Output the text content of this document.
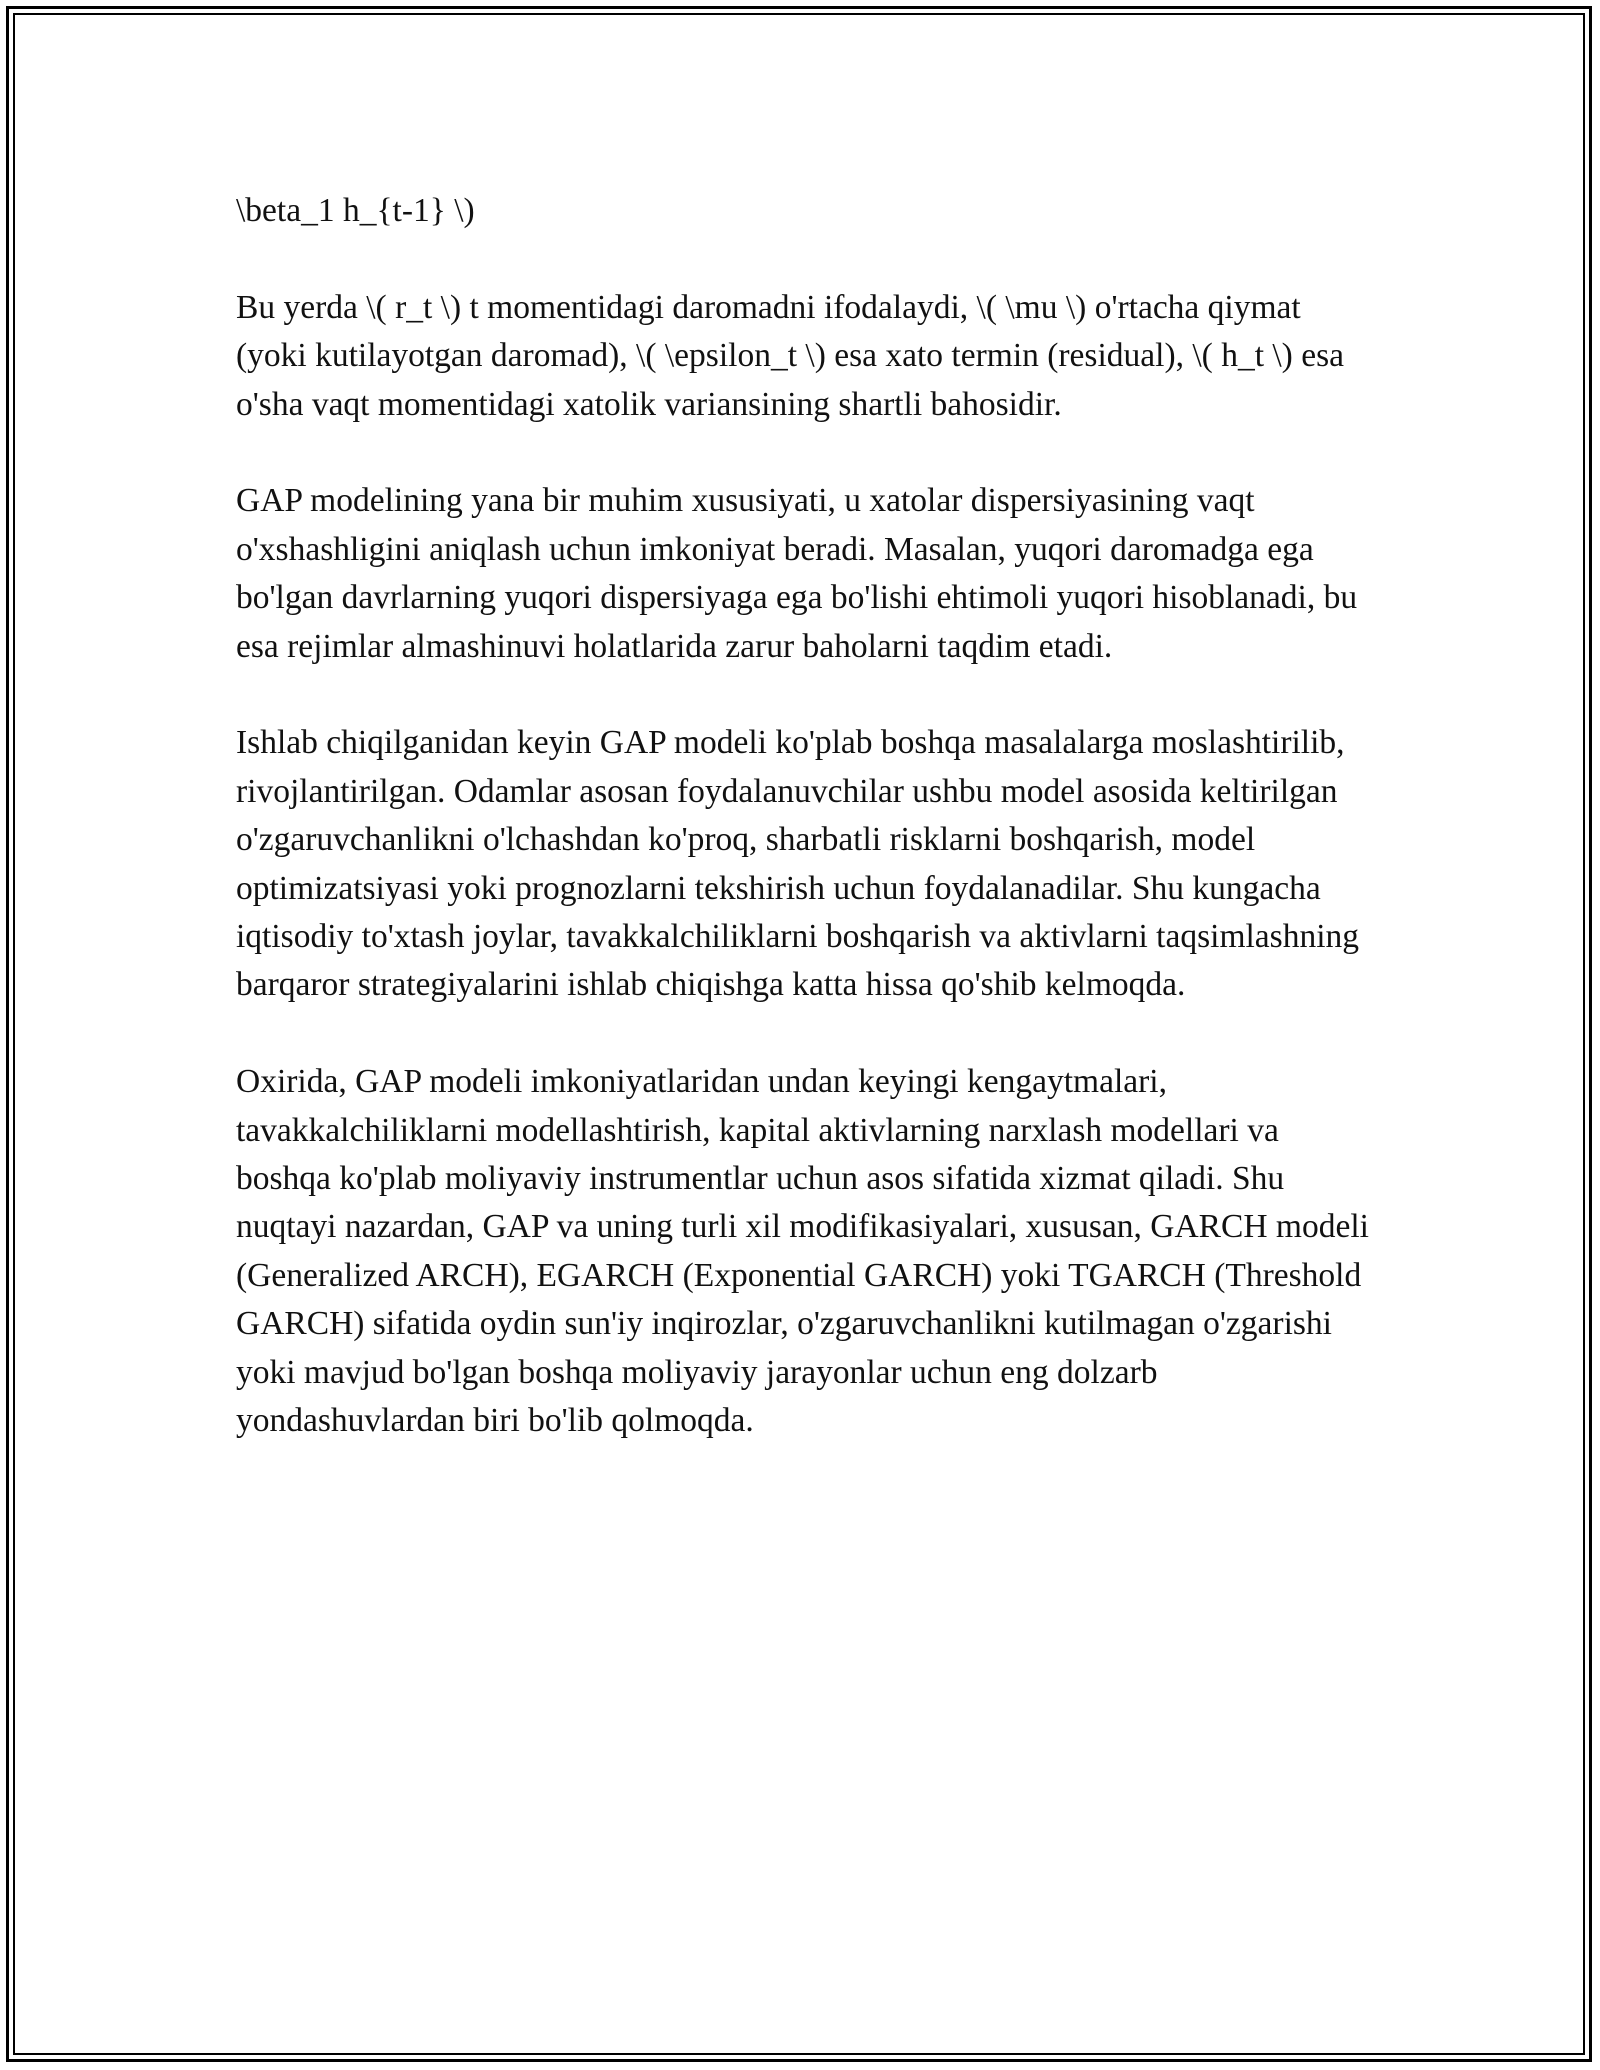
\beta_1 h_{t-1} \)

Bu yerda \( r_t \) t momentidagi daromadni ifodalaydi, \( \mu \) o'rtacha qiymat (yoki kutilayotgan daromad), \( \epsilon_t \) esa xato termin (residual), \( h_t \) esa o'sha vaqt momentidagi xatolik variansining shartli bahosidir.

GAP modelining yana bir muhim xususiyati, u xatolar dispersiyasining vaqt o'xshashligini aniqlash uchun imkoniyat beradi. Masalan, yuqori daromadga ega bo'lgan davrlarning yuqori dispersiyaga ega bo'lishi ehtimoli yuqori hisoblanadi, bu esa rejimlar almashinuvi holatlarida zarur baholarni taqdim etadi.

Ishlab chiqilganidan keyin GAP modeli ko'plab boshqa masalalarga moslashtirilib, rivojlantirilgan. Odamlar asosan foydalanuvchilar ushbu model asosida keltirilgan o'zgaruvchanlikni o'lchashdan ko'proq, sharbatli risklarni boshqarish, model optimizatsiyasi yoki prognozlarni tekshirish uchun foydalanadilar. Shu kungacha iqtisodiy to'xtash joylar, tavakkalchiliklarni boshqarish va aktivlarni taqsimlashning barqaror strategiyalarini ishlab chiqishga katta hissa qo'shib kelmoqda.

Oxirida, GAP modeli imkoniyatlaridan undan keyingi kengaytmalari, tavakkalchiliklarni modellashtirish, kapital aktivlarning narxlash modellari va boshqa ko'plab moliyaviy instrumentlar uchun asos sifatida xizmat qiladi. Shu nuqtayi nazardan, GAP va uning turli xil modifikasiyalari, xususan, GARCH modeli (Generalized ARCH), EGARCH (Exponential GARCH) yoki TGARCH (Threshold GARCH) sifatida oydin sun'iy inqirozlar, o'zgaruvchanlikni kutilmagan o'zgarishi yoki mavjud bo'lgan boshqa moliyaviy jarayonlar uchun eng dolzarb yondashuvlardan biri bo'lib qolmoqda.
